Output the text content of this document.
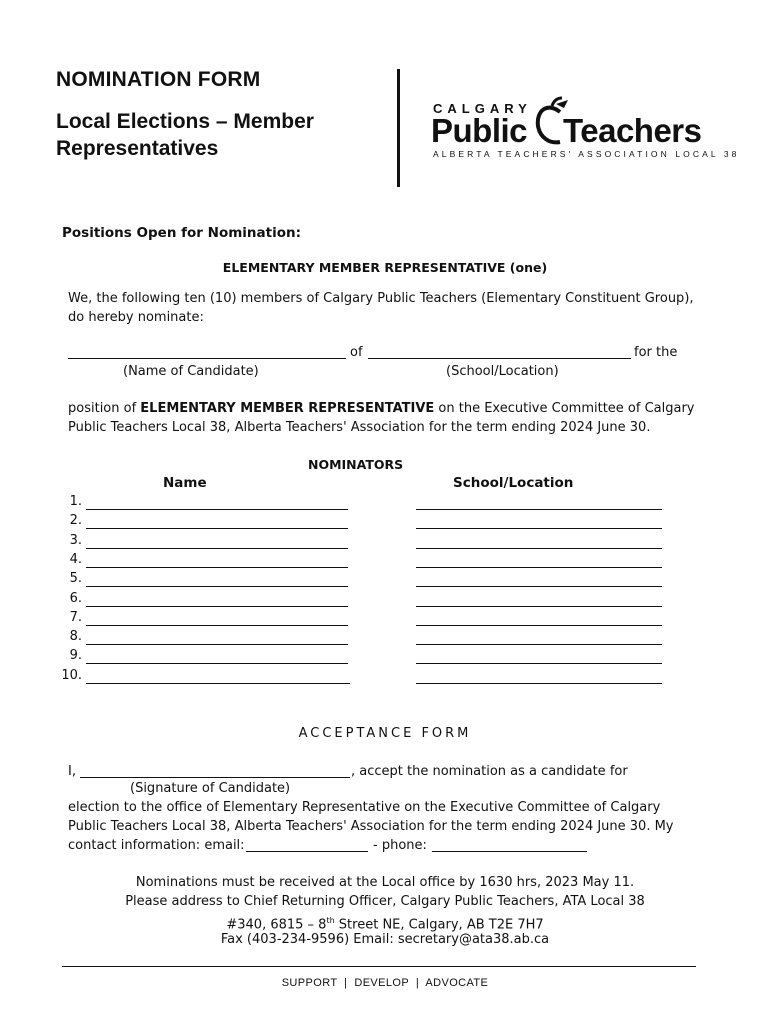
NOMINATION FORM
Local Elections – Member Representatives
CALGARY
Public Teachers
ALBERTA TEACHERS' ASSOCIATION LOCAL 38
Positions Open for Nomination:
ELEMENTARY MEMBER REPRESENTATIVE (one)
We, the following ten (10) members of Calgary Public Teachers (Elementary Constituent Group),
do hereby nominate:
of	for the
(Name of Candidate)	(School/Location)
position of ELEMENTARY MEMBER REPRESENTATIVE on the Executive Committee of Calgary
Public Teachers Local 38, Alberta Teachers' Association for the term ending 2024 June 30.
NOMINATORS
Name	School/Location
1.
2.
3.
4.
5.
6.
7.
8.
9.
10.
ACCEPTANCE FORM
I,	, accept the nomination as a candidate for
(Signature of Candidate)
election to the office of Elementary Representative on the Executive Committee of Calgary
Public Teachers Local 38, Alberta Teachers' Association for the term ending 2024 June 30. My
contact information: email:	- phone:
Nominations must be received at the Local office by 1630 hrs, 2023 May 11.
Please address to Chief Returning Officer, Calgary Public Teachers, ATA Local 38
#340, 6815 – 8th Street NE, Calgary, AB T2E 7H7
Fax (403-234-9596) Email: secretary@ata38.ab.ca
SUPPORT  |  DEVELOP  |  ADVOCATE
